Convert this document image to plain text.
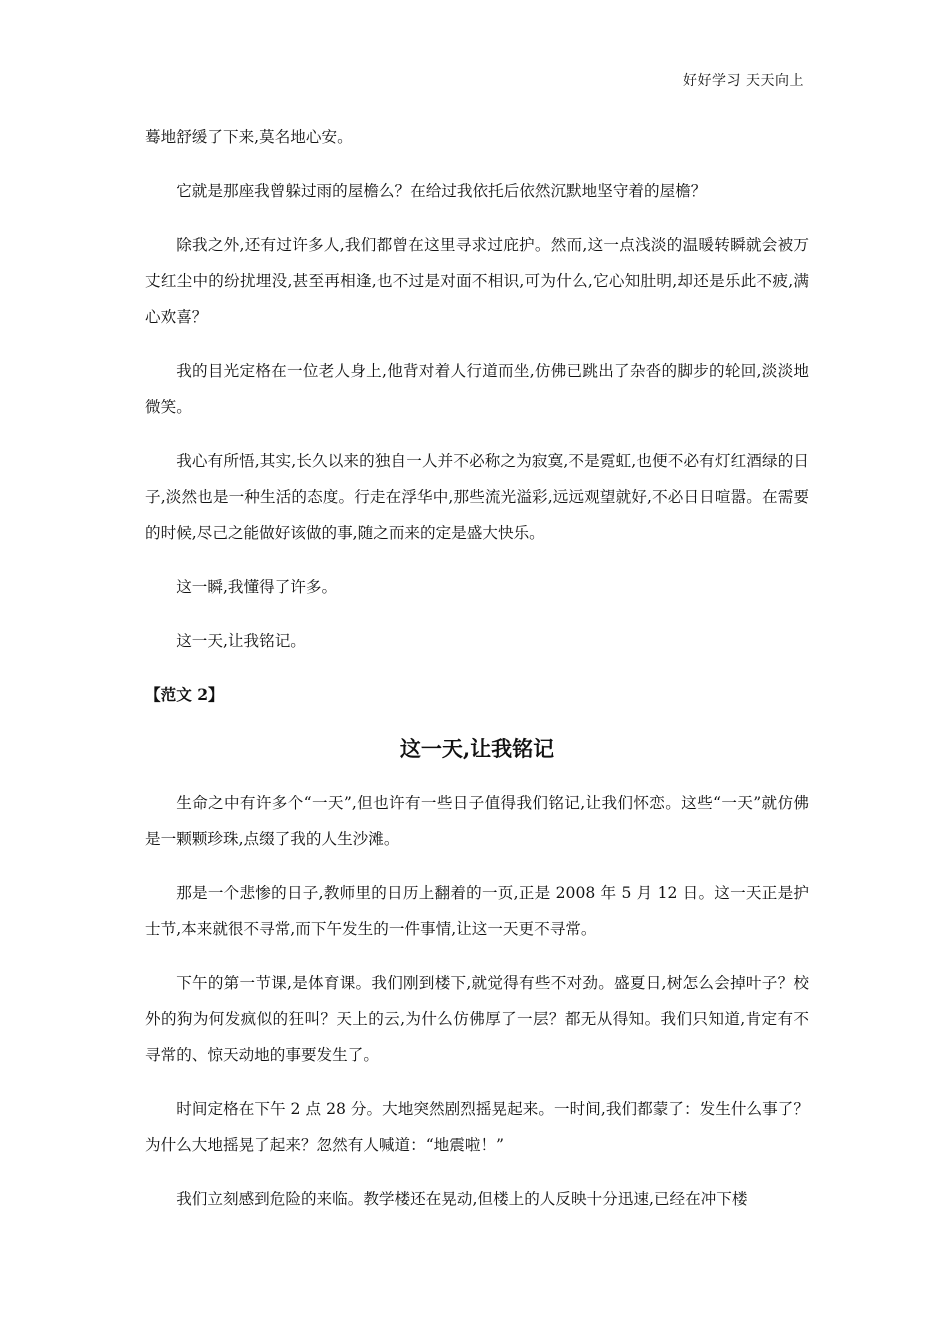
好好学习 天天向上

蓦地舒缓了下来,莫名地心安。

它就是那座我曾躲过雨的屋檐么？在给过我依托后依然沉默地坚守着的屋檐？

除我之外,还有过许多人,我们都曾在这里寻求过庇护。然而,这一点浅淡的温暖转瞬就会被万丈红尘中的纷扰埋没,甚至再相逢,也不过是对面不相识,可为什么,它心知肚明,却还是乐此不疲,满心欢喜？

我的目光定格在一位老人身上,他背对着人行道而坐,仿佛已跳出了杂沓的脚步的轮回,淡淡地微笑。

我心有所悟,其实,长久以来的独自一人并不必称之为寂寞,不是霓虹,也便不必有灯红酒绿的日子,淡然也是一种生活的态度。行走在浮华中,那些流光溢彩,远远观望就好,不必日日喧嚣。在需要的时候,尽己之能做好该做的事,随之而来的定是盛大快乐。

这一瞬,我懂得了许多。

这一天,让我铭记。

【范文 2】
这一天,让我铭记

生命之中有许多个“一天”,但也许有一些日子值得我们铭记,让我们怀恋。这些“一天”就仿佛是一颗颗珍珠,点缀了我的人生沙滩。

那是一个悲惨的日子,教师里的日历上翻着的一页,正是 2008 年 5 月 12 日。这一天正是护士节,本来就很不寻常,而下午发生的一件事情,让这一天更不寻常。

下午的第一节课,是体育课。我们刚到楼下,就觉得有些不对劲。盛夏日,树怎么会掉叶子？校外的狗为何发疯似的狂叫？天上的云,为什么仿佛厚了一层？都无从得知。我们只知道,肯定有不寻常的、惊天动地的事要发生了。

时间定格在下午 2 点 28 分。大地突然剧烈摇晃起来。一时间,我们都蒙了：发生什么事了？为什么大地摇晃了起来？忽然有人喊道：“地震啦！”

我们立刻感到危险的来临。教学楼还在晃动,但楼上的人反映十分迅速,已经在冲下楼
